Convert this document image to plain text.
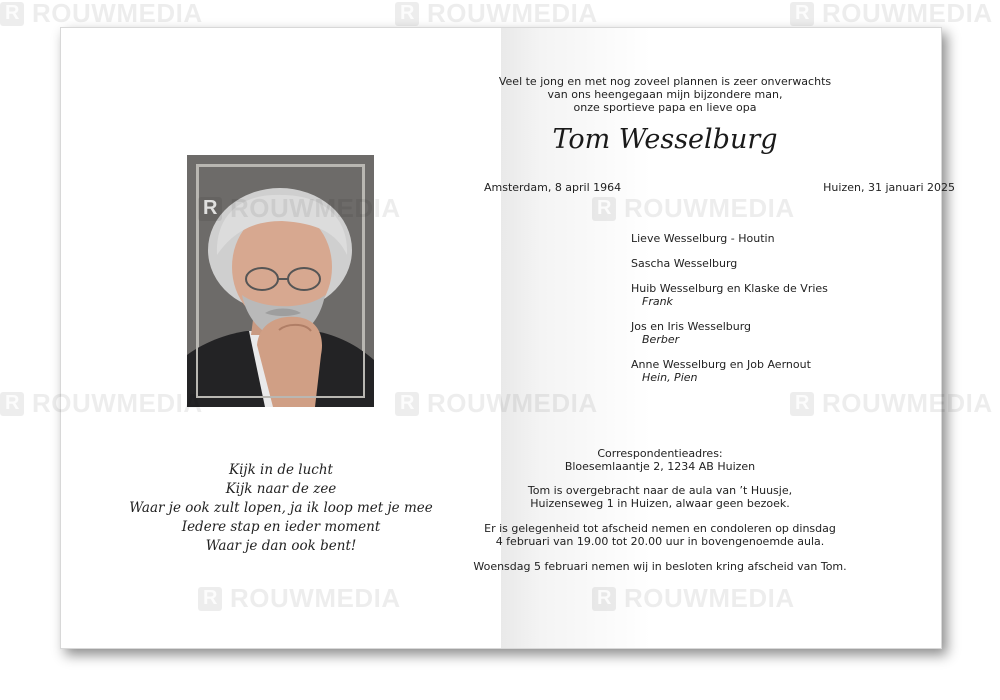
R
ROUWMEDIA R	ROUWMEDIA R	ROUWMEDIA
R
R
R
R
R
R
R
Kijk in de lucht
Kijk naar de zee
Waar je ook zult lopen, ja ik loop met je mee
Iedere stap en ieder moment
Waar je dan ook bent!
Veel te jong en met nog zoveel plannen is zeer onverwachts
van ons heengegaan mijn bijzondere man,
onze sportieve papa en lieve opa
Tom Wesselburg
Amsterdam, 8 april 1964	Huizen, 31 januari 2025
Lieve Wesselburg - Houtin
Sascha Wesselburg
Huib Wesselburg en Klaske de Vries
Frank
Jos en Iris Wesselburg
Berber
Anne Wesselburg en Job Aernout
Hein, Pien
Correspondentieadres:
Bloesemlaantje 2, 1234 AB Huizen
Tom is overgebracht naar de aula van ’t Huusje,
Huizenseweg 1 in Huizen, alwaar geen bezoek.
Er is gelegenheid tot afscheid nemen en condoleren op dinsdag
4 februari van 19.00 tot 20.00 uur in bovengenoemde aula.
Woensdag 5 februari nemen wij in besloten kring afscheid van Tom.
